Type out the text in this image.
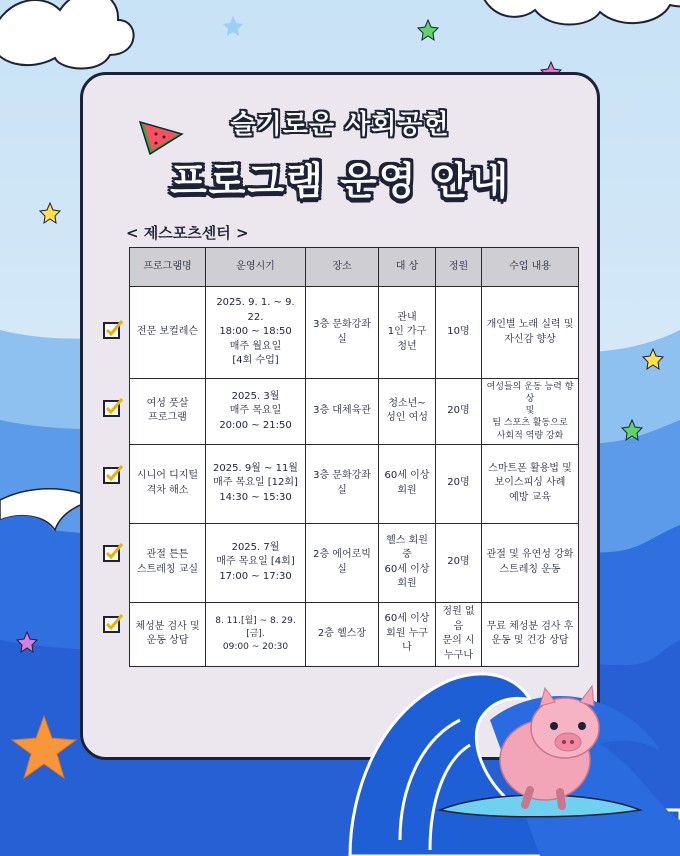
슬기로운 사회공헌
프로그램 운영 안내
< 제스포츠센터 >
프로그램명	운영시기	장소	대 상	정원	수업 내용
전문 보컬레슨	2025. 9. 1. ~ 9. 22.
18:00 ~ 18:50
매주 월요일
[4회 수업]	3층 문화강좌실	관내
1인 가구
청년	10명	개인별 노래 실력 및
자신감 향상
여성 풋살
프로그램	2025. 3월
매주 목요일
20:00 ~ 21:50	3층 대체육관	청소년~
성인 여성	20명	여성들의 운동 능력 향상
및
팀 스포츠 활동으로
사회적 역량 강화
시니어 디지털
격차 해소	2025. 9월 ~ 11월
매주 목요일 [12회]
14:30 ~ 15:30	3층 문화강좌실	60세 이상
회원	20명	스마트폰 활용법 및
보이스피싱 사례
예방 교육
관절 튼튼
스트레칭 교실	2025. 7월
매주 목요일 [4회]
17:00 ~ 17:30	2층 에어로빅실	헬스 회원 중
60세 이상
회원	20명	관절 및 유연성 강화
스트레칭 운동
체성분 검사 및
운동 상담	8. 11.[월] ~ 8. 29.[금].
09:00 ~ 20:30	2층 헬스장	60세 이상
회원 누구나	정원 없음
문의 시
누구나	무료 체성분 검사 후
운동 및 건강 상담
